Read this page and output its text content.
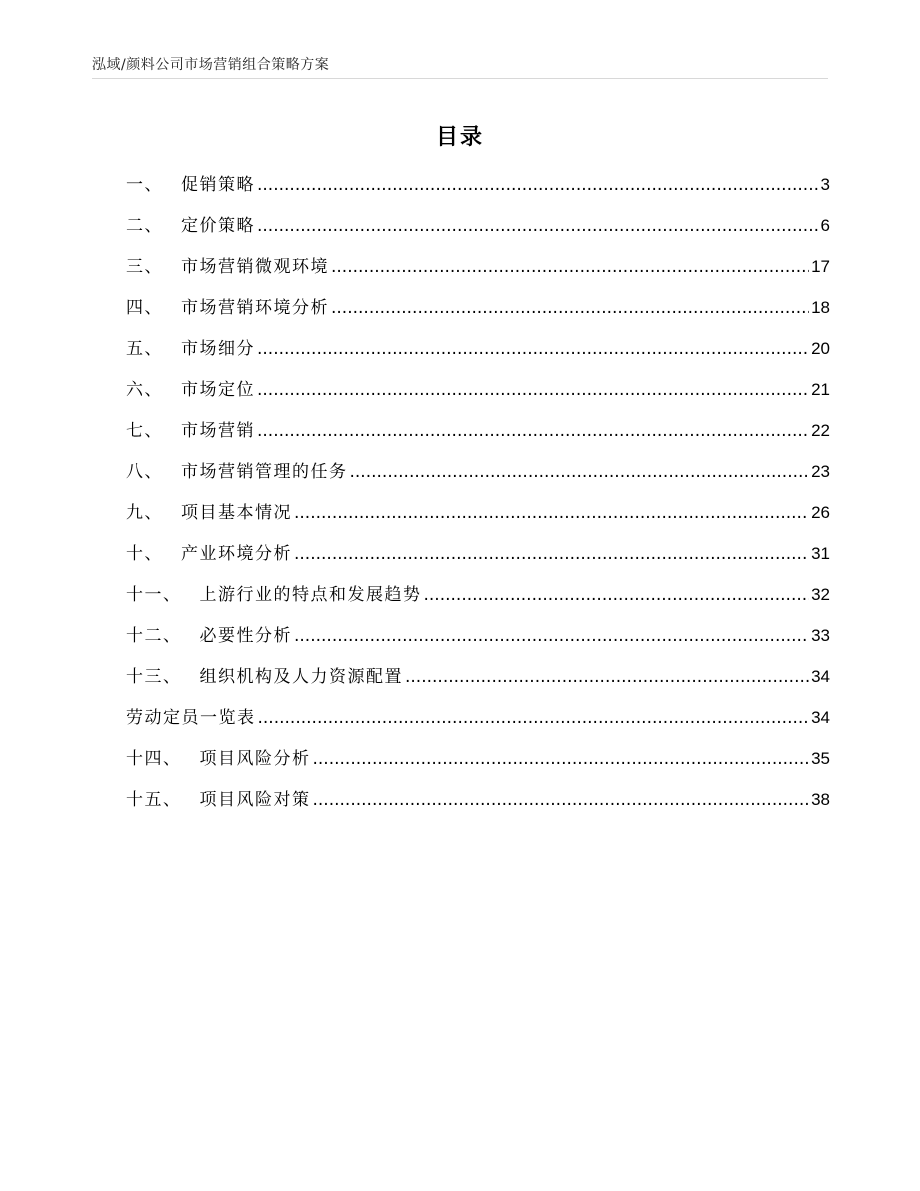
泓域/颜料公司市场营销组合策略方案
目录
一、	促销策略 .....	3
二、	定价策略 .....	6
三、	市场营销微观环境 .....	17
四、	市场营销环境分析 .....	18
五、	市场细分 .....	20
六、	市场定位 .....	21
七、	市场营销 .....	22
八、	市场营销管理的任务 .....	23
九、	项目基本情况 .....	26
十、	产业环境分析 .....	31
十一、	上游行业的特点和发展趋势 .....	32
十二、	必要性分析 .....	33
十三、	组织机构及人力资源配置 .....	34
劳动定员一览表 .....	34
十四、	项目风险分析 .....	35
十五、	项目风险对策 .....	38
